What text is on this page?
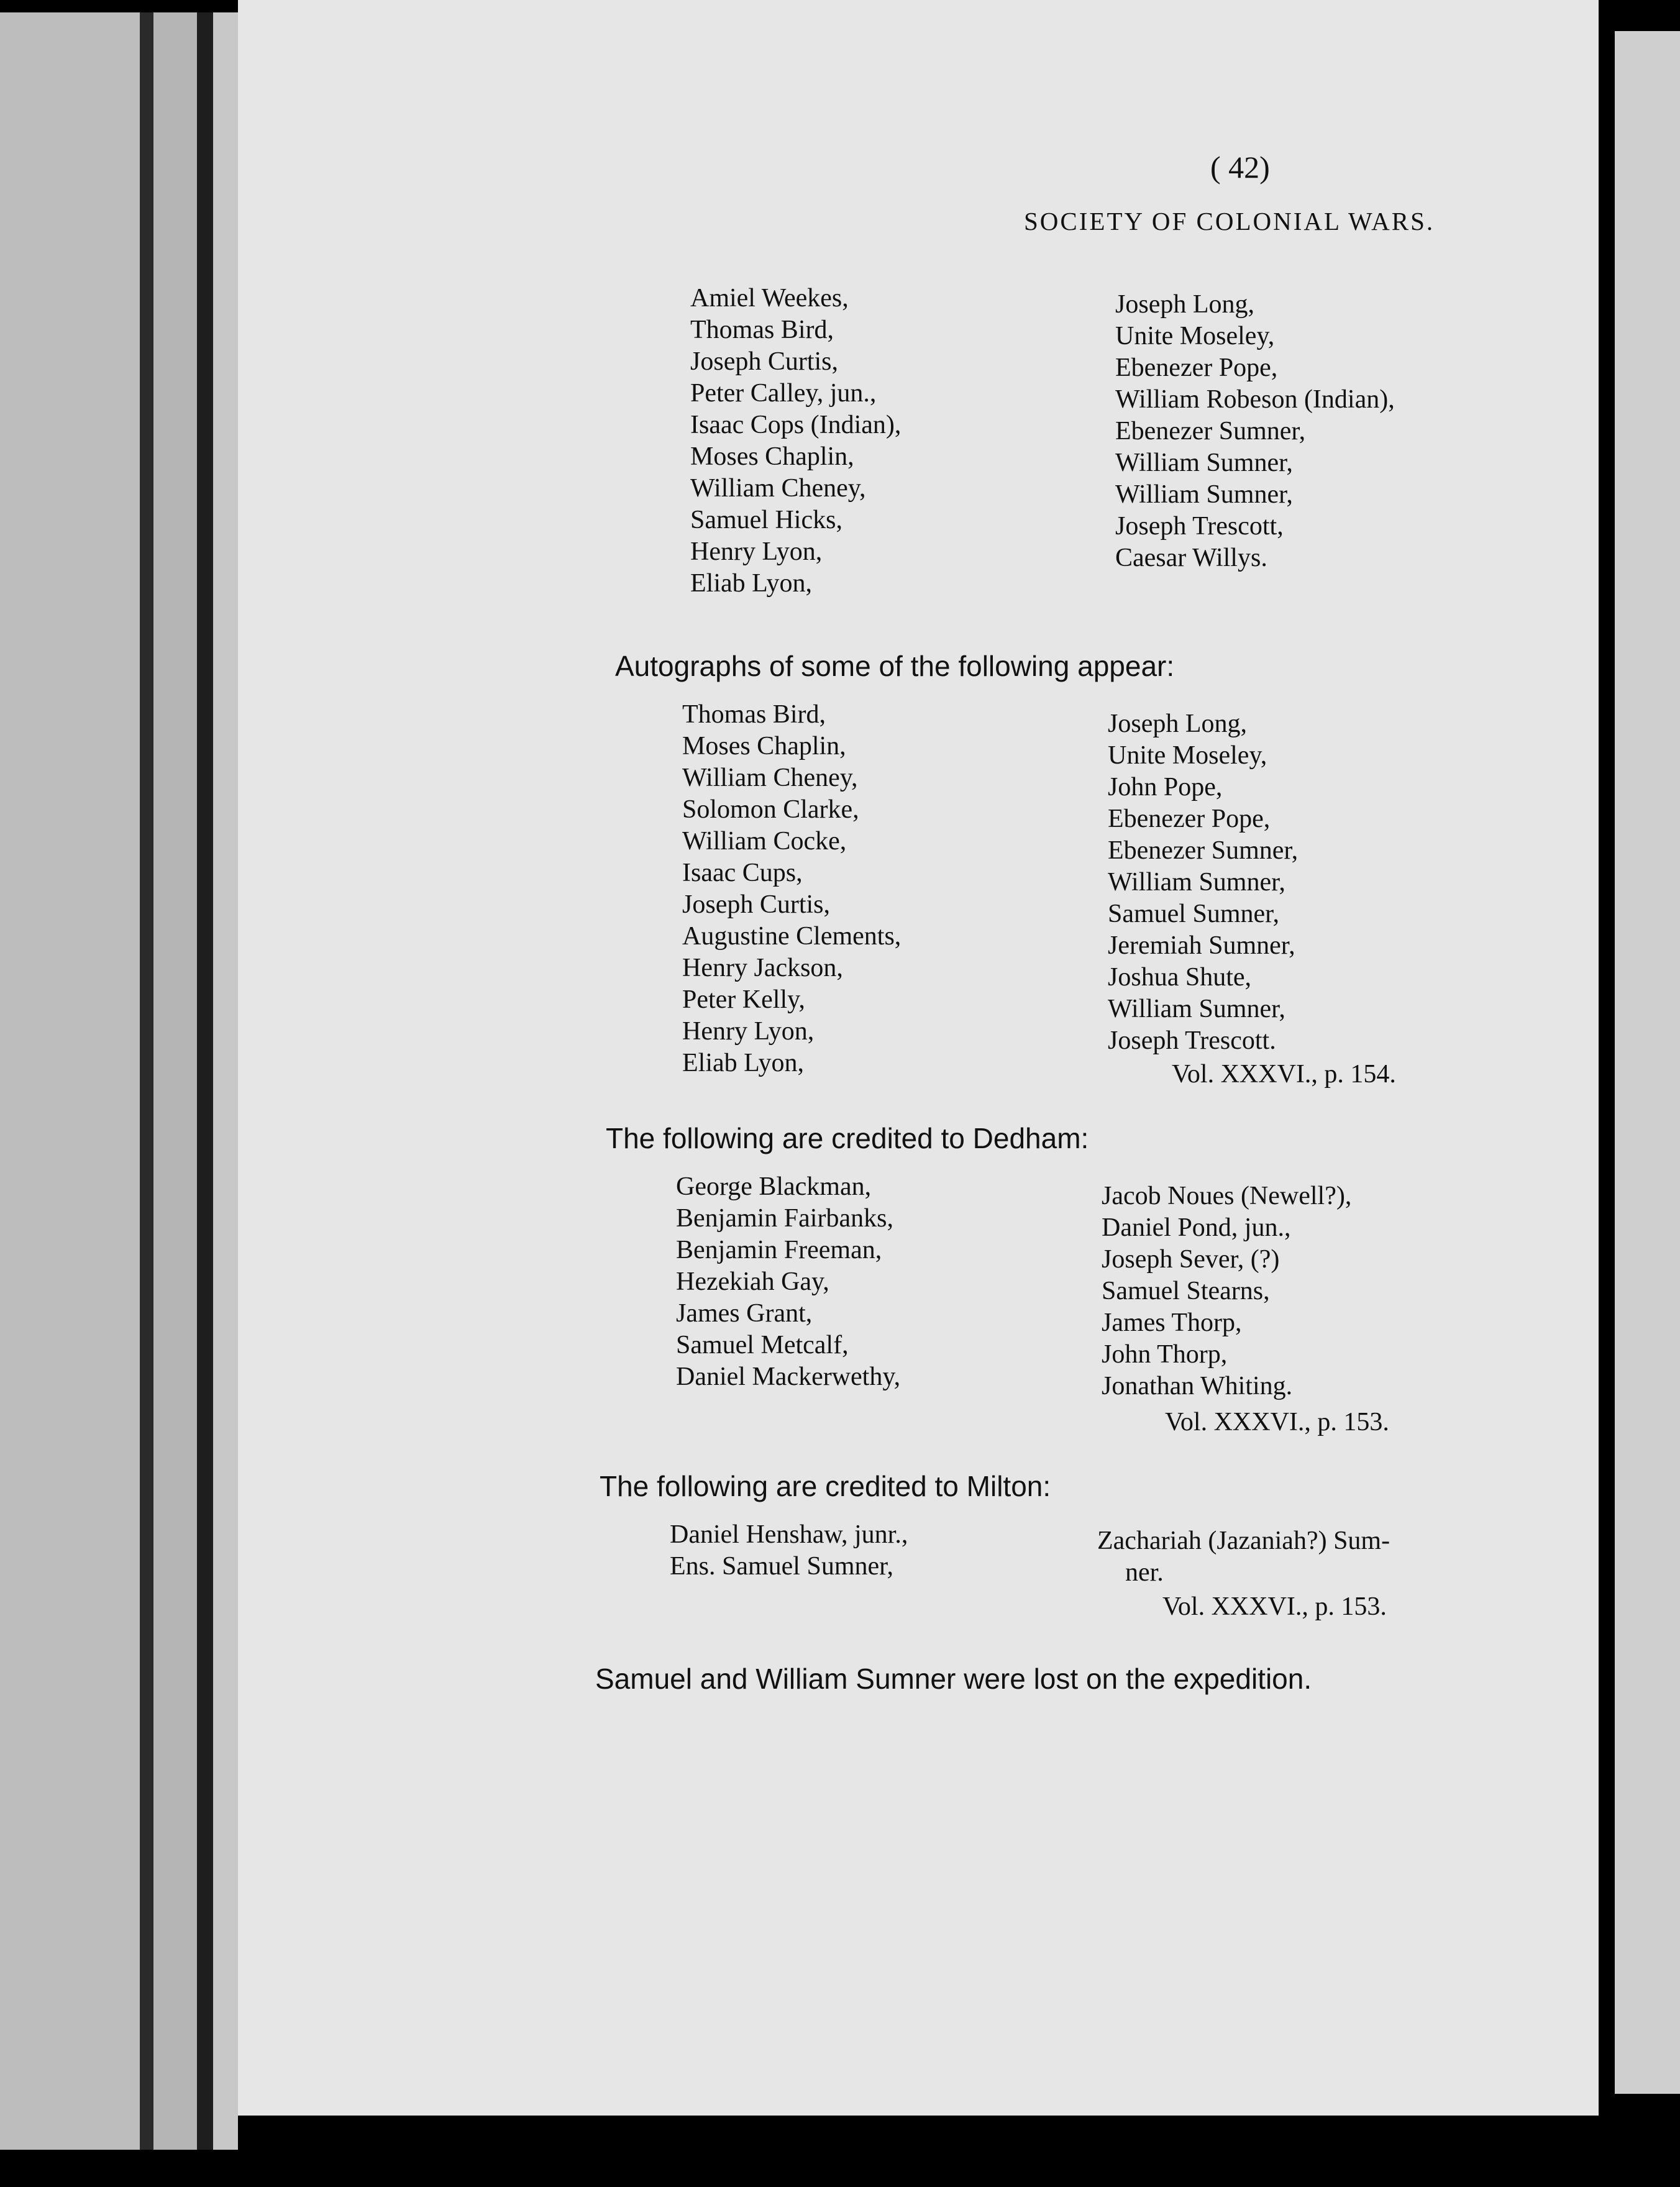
( 42)
SOCIETY OF COLONIAL WARS.
Amiel Weekes,
Thomas Bird,
Joseph Curtis,
Peter Calley, jun.,
Isaac Cops (Indian),
Moses Chaplin,
William Cheney,
Samuel Hicks,
Henry Lyon,
Eliab Lyon,
Joseph Long,
Unite Moseley,
Ebenezer Pope,
William Robeson (Indian),
Ebenezer Sumner,
William Sumner,
William Sumner,
Joseph Trescott,
Caesar Willys.
Autographs of some of the following appear:
Thomas Bird,
Moses Chaplin,
William Cheney,
Solomon Clarke,
William Cocke,
Isaac Cups,
Joseph Curtis,
Augustine Clements,
Henry Jackson,
Peter Kelly,
Henry Lyon,
Eliab Lyon,
Joseph Long,
Unite Moseley,
John Pope,
Ebenezer Pope,
Ebenezer Sumner,
William Sumner,
Samuel Sumner,
Jeremiah Sumner,
Joshua Shute,
William Sumner,
Joseph Trescott.
Vol. XXXVI., p. 154.
The following are credited to Dedham:
George Blackman,
Benjamin Fairbanks,
Benjamin Freeman,
Hezekiah Gay,
James Grant,
Samuel Metcalf,
Daniel Mackerwethy,
Jacob Noues (Newell?),
Daniel Pond, jun.,
Joseph Sever, (?)
Samuel Stearns,
James Thorp,
John Thorp,
Jonathan Whiting.
Vol. XXXVI., p. 153.
The following are credited to Milton:
Daniel Henshaw, junr.,
Ens. Samuel Sumner,
Zachariah (Jazaniah?) Sum-
ner.
Vol. XXXVI., p. 153.
Samuel and William Sumner were lost on the expedition.
